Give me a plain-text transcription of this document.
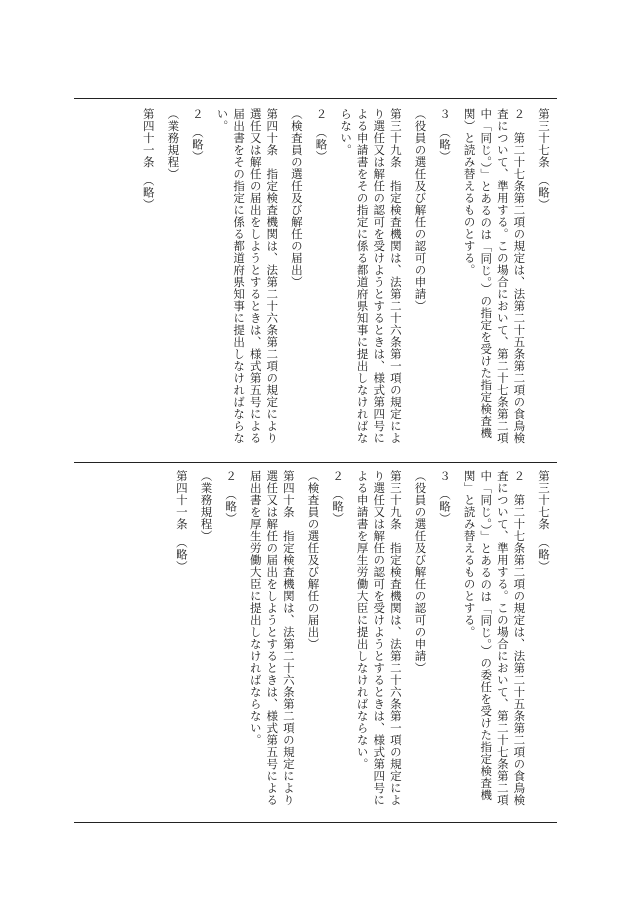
第三十七条　（略）
２　第二十七条第二項の規定は、法第二十五条第二項の食鳥検査について、準用する。この場合において、第二十七条第二項中「同じ。）」とあるのは「同じ。）の指定を受けた指定検査機関）と読み替えるものとする。
３　（略）
（役員の選任及び解任の認可の申請）
第三十九条　指定検査機関は、法第二十六条第一項の規定により選任又は解任の認可を受けようとするときは、様式第四号による申請書をその指定に係る都道府県知事に提出しなければならない。
２　（略）
（検査員の選任及び解任の届出）
第四十条　指定検査機関は、法第二十六条第二項の規定により選任又は解任の届出をしようとするときは、様式第五号による届出書をその指定に係る都道府県知事に提出しなければならない。
２　（略）
（業務規程）
第四十一条　（略）
第三十七条　（略）
２　第二十七条第二項の規定は、法第二十五条第二項の食鳥検査について、準用する。この場合において、第二十七条第二項中「同じ。）」とあるのは「同じ。）の委任を受けた指定検査機関」と読み替えるものとする。
３　（略）
（役員の選任及び解任の認可の申請）
第三十九条　指定検査機関は、法第二十六条第一項の規定により選任又は解任の認可を受けようとするときは、様式第四号による申請書を厚生労働大臣に提出しなければならない。
２　（略）
（検査員の選任及び解任の届出）
第四十条　指定検査機関は、法第二十六条第二項の規定により選任又は解任の届出をしようとするときは、様式第五号による届出書を厚生労働大臣に提出しなければならない。
２　（略）
（業務規程）
第四十一条　（略）
